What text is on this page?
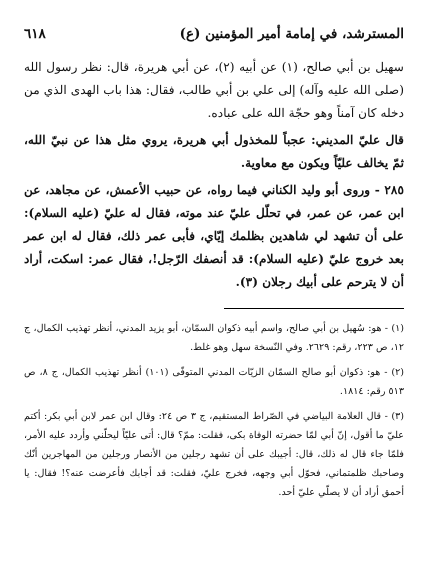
٦١٨	المسترشد، في إمامة أمير المؤمنين (ع)

سهيل بن أبي صالح، (١) عن أبيه (٢)، عن أبي هريرة، قال: نظر رسول الله (صلى الله عليه وآله) إلى علي بن أبي طالب، فقال: هذا باب الهدى الذي من دخله كان آمناً وهو حجّة الله على عباده.

قال عليّ المديني: عجباً للمخذول أبي هريرة، يروي مثل هذا عن نبيّ الله، ثمّ يخالف عليّاً ويكون مع معاوية.

٢٨٥ - وروى أبو وليد الكناني فيما رواه، عن حبيب الأعمش، عن مجاهد، عن ابن عمر، عن عمر، في تحلّل عليّ عند موته، فقال له عليّ (عليه السلام): على أن تشهد لي شاهدين بظلمك إيّاي، فأبى عمر ذلك، فقال له ابن عمر بعد خروج عليّ (عليه السلام): قد أنصفك الرّجل!، فقال عمر: اسكت، أراد أن لا يترحم على أبيك رجلان (٣).

(١) - هو: سُهيل بن أبي صالح، واسم أبيه ذكوان السمّان، أبو يزيد المدني، أنظر تهذيب الكمال، ج ١٢، ص ٢٢٣، رقم: ٢٦٢٩. وفي النّسخة سهل وهو غلط.

(٢) - هو: ذكوان أبو صالح السمّان الزيّات المدني المتوفّى (١٠١) أنظر تهذيب الكمال، ج ٨، ص ٥١٣ رقم: ١٨١٤.

(٣) - قال العلامة البياضي في الصّراط المستقيم، ج ٣ ص ٢٤: وقال ابن عمر لابن أبي بكر: أكتم عليّ ما أقول، إنّ أبي لمّا حضرته الوفاة بكى، فقلت: ممّ؟ قال: أتى عليّاً ليحلّني وأردد عليه الأمر، فلمّا جاء قال له ذلك، قال: أجيبك على أن تشهد رجلين من الأنصار ورجلين من المهاجرين أنّك وصاحبك ظلمتماني، فحوّل أبي وجهه، فخرج عليّ، فقلت: قد أجابك فأعرضت عنه؟! فقال: يا أحمق أراد أن لا يصلّي عليّ أحد.
